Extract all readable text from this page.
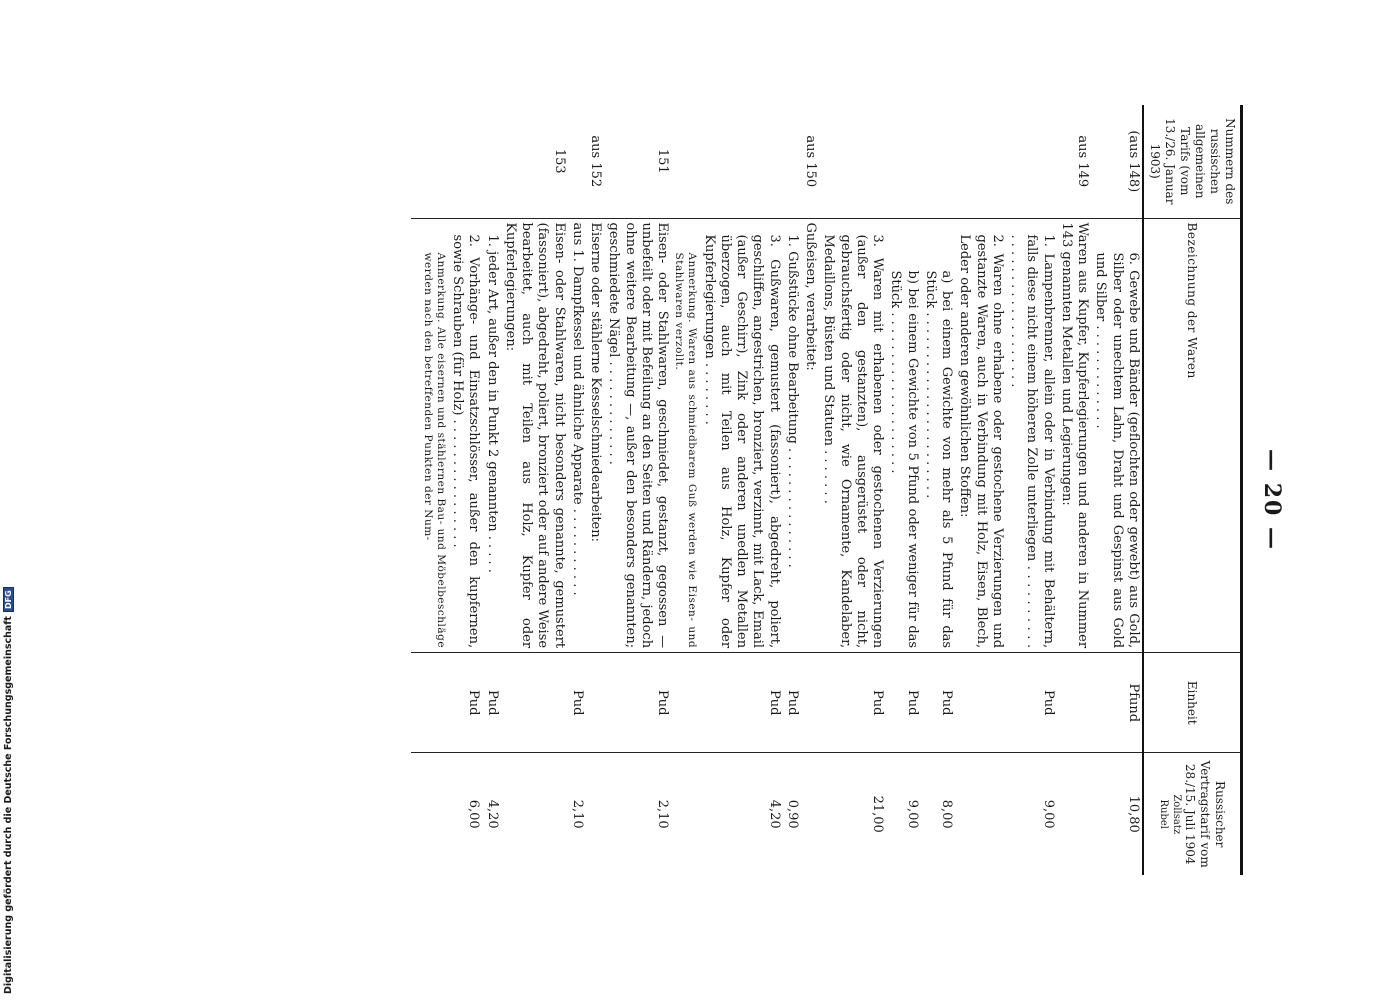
Digitalisierung gefördert durch die Deutsche Forschungsgemeinschaft
DFG
— 20 —
Nummern des russischen allgemeinen Tarifs (vom 13./26. Januar 1903)	Bezeichnung der Waren	Einheit	Russischer Vertragstarif vom 28./15. Juli 1904
Zollsatz
Rubel

(aus 148)	6. Gewebe und Bänder (geflochten oder gewebt) aus Gold, Silber oder unechtem Lahn, Draht und Gespinst aus Gold und Silber . . . . . . . . . . . . .	Pfund	10,80
aus 149	Waren aus Kupfer, Kupferlegierungen und anderen in Nummer 143 genannten Metallen und Legierungen:		
	1. Lampenbrenner, allein oder in Verbindung mit Behältern, falls diese nicht einem höheren Zolle unterliegen . . . . . . . . . . . . . . . . . . . . . . . . . . . . .	Pud	9,00
	2. Waren ohne erhabene oder gestochene Verzierungen und gestanzte Waren, auch in Verbindung mit Holz, Eisen, Blech, Leder oder anderen gewöhnlichen Stoffen:		
	a) bei einem Gewichte von mehr als 5 Pfund für das Stück . . . . . . . . . . . . . . . . . . . . . . .	Pud	8,00
	b) bei einem Gewichte von 5 Pfund oder weniger für das Stück . . . . . . . . . . . . . . . . . . . .	Pud	9,00
	3. Waren mit erhabenen oder gestochenen Verzierungen (außer den gestanzten), ausgerüstet oder nicht, gebrauchsfertig oder nicht, wie Ornamente, Kandelaber, Medaillons, Büsten und Statuen . . . . . . .	Pud	21,00
aus 150	Gußeisen, verarbeitet:		
	1. Gußstücke ohne Bearbeitung . . . . . . . . . . . . . . .	Pud	0,90
	3. Gußwaren, gemustert (fassoniert), abgedreht, poliert, geschliffen, angestrichen, bronziert, verzinnt, mit Lack, Email (außer Geschirr), Zink oder anderen unedlen Metallen überzogen, auch mit Teilen aus Holz, Kupfer oder Kupferlegierungen . . . . . . . .	Pud	4,20
	Anmerkung. Waren aus schmiedbarem Guß werden wie Eisen- und Stahlwaren verzollt.		
151	Eisen- oder Stahlwaren, geschmiedet, gestanzt, gegossen — unbefeilt oder mit Befeilung an den Seiten und Rändern, jedoch ohne weitere Bearbeitung —, außer den besonders genannten; geschmiedete Nägel . . . . . . . . . . . . .	Pud	2,10
aus 152	Eiserne oder stählerne Kesselschmiedearbeiten:		
	aus 1. Dampfkessel und ähnliche Apparate . . . . . . . . . . .	Pud	2,10
153	Eisen- oder Stahlwaren, nicht besonders genannte, gemustert (fassoniert), abgedreht, poliert, bronziert oder auf andere Weise bearbeitet, auch mit Teilen aus Holz, Kupfer oder Kupferlegierungen:		
	1. jeder Art, außer den in Punkt 2 genannten . . . . .	Pud	4,20
	2. Vorhänge- und Einsatzschlösser, außer den kupfernen, sowie Schrauben (für Holz) . . . . . . . . . . . . . . . .	Pud	6,00
	Anmerkung. Alle eisernen und stählernen Bau- und Möbelbeschläge werden nach den betreffenden Punkten der Num-		
